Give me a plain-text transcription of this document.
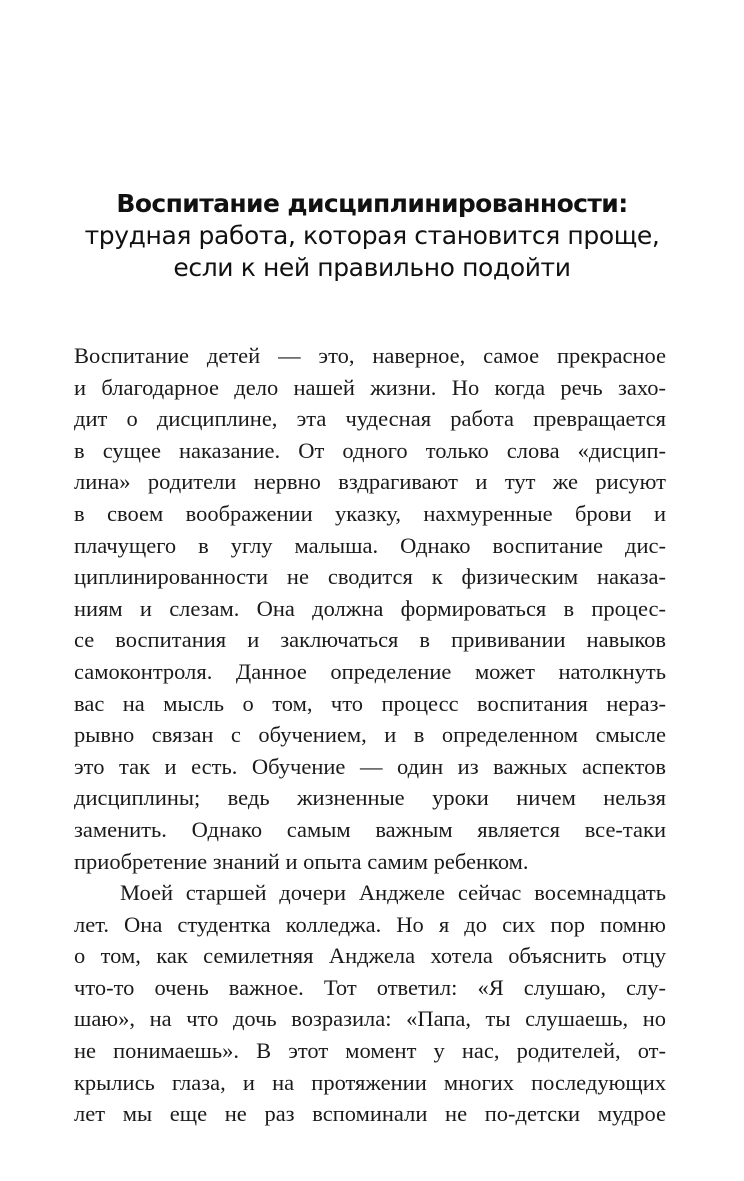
Воспитание дисциплинированности:
трудная работа, которая становится проще,
если к ней правильно подойти
Воспитание детей — это, наверное, самое прекрасное
и благодарное дело нашей жизни. Но когда речь захо-
дит о дисциплине, эта чудесная работа превращается
в сущее наказание. От одного только слова «дисцип-
лина» родители нервно вздрагивают и тут же рисуют
в своем воображении указку, нахмуренные брови и
плачущего в углу малыша. Однако воспитание дис-
циплинированности не сводится к физическим наказа-
ниям и слезам. Она должна формироваться в процес-
се воспитания и заключаться в прививании навыков
самоконтроля. Данное определение может натолкнуть
вас на мысль о том, что процесс воспитания нераз-
рывно связан с обучением, и в определенном смысле
это так и есть. Обучение — один из важных аспектов
дисциплины; ведь жизненные уроки ничем нельзя
заменить. Однако самым важным является все-таки
приобретение знаний и опыта самим ребенком.
Моей старшей дочери Анджеле сейчас восемнадцать
лет. Она студентка колледжа. Но я до сих пор помню
о том, как семилетняя Анджела хотела объяснить отцу
что-то очень важное. Тот ответил: «Я слушаю, слу-
шаю», на что дочь возразила: «Папа, ты слушаешь, но
не понимаешь». В этот момент у нас, родителей, от-
крылись глаза, и на протяжении многих последующих
лет мы еще не раз вспоминали не по-детски мудрое
